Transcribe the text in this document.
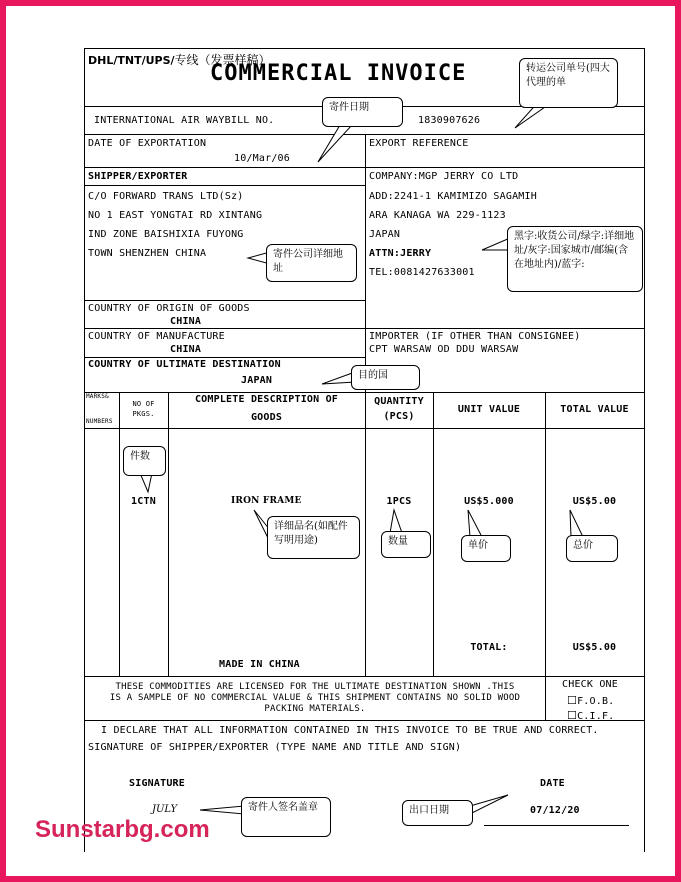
DHL/TNT/UPS/专线（发票样稿）
COMMERCIAL INVOICE
INTERNATIONAL AIR WAYBILL NO.	1830907626
DATE OF EXPORTATION
10/Mar/06
EXPORT REFERENCE
SHIPPER/EXPORTER
C/O FORWARD TRANS LTD(Sz)
NO 1 EAST YONGTAI RD XINTANG
IND ZONE BAISHIXIA FUYONG
TOWN SHENZHEN CHINA
COMPANY:MGP JERRY CO LTD
ADD:2241-1 KAMIMIZO SAGAMIH
ARA KANAGA WA 229-1123
JAPAN
ATTN:JERRY
TEL:0081427633001
COUNTRY OF ORIGIN OF GOODS
CHINA
COUNTRY OF MANUFACTURE
CHINA
COUNTRY OF ULTIMATE DESTINATION
JAPAN
IMPORTER (IF OTHER THAN CONSIGNEE)
CPT WARSAW OD DDU WARSAW
MARKS&
NUMBERS
NO OF
PKGS.
COMPLETE DESCRIPTION OF
GOODS
QUANTITY
(PCS)
UNIT VALUE	TOTAL VALUE
1CTN	IRON FRAME	1PCS	US$5.000	US$5.00
MADE IN CHINA
TOTAL:	US$5.00
THESE COMMODITIES ARE LICENSED FOR THE ULTIMATE DESTINATION SHOWN .THIS
IS A SAMPLE OF NO COMMERCIAL VALUE & THIS SHIPMENT CONTAINS NO SOLID WOOD
PACKING MATERIALS.
CHECK ONE
☐F.O.B.
☐C.I.F.
I DECLARE THAT ALL INFORMATION CONTAINED IN THIS INVOICE TO BE TRUE AND CORRECT.
SIGNATURE OF SHIPPER/EXPORTER (TYPE NAME AND TITLE AND SIGN)
SIGNATURE
JULY
DATE
07/12/20
转运公司单号(四大代理的单
寄件日期
寄件公司详细地址
黑字:收货公司/绿字:详细地址/灰字:国家城市/邮编(含在地址内)/蓝字:
目的国
件数
详细品名(如配件写明用途)	数量	单价	总价
寄件人签名盖章	出口日期
Sunstarbg.com
